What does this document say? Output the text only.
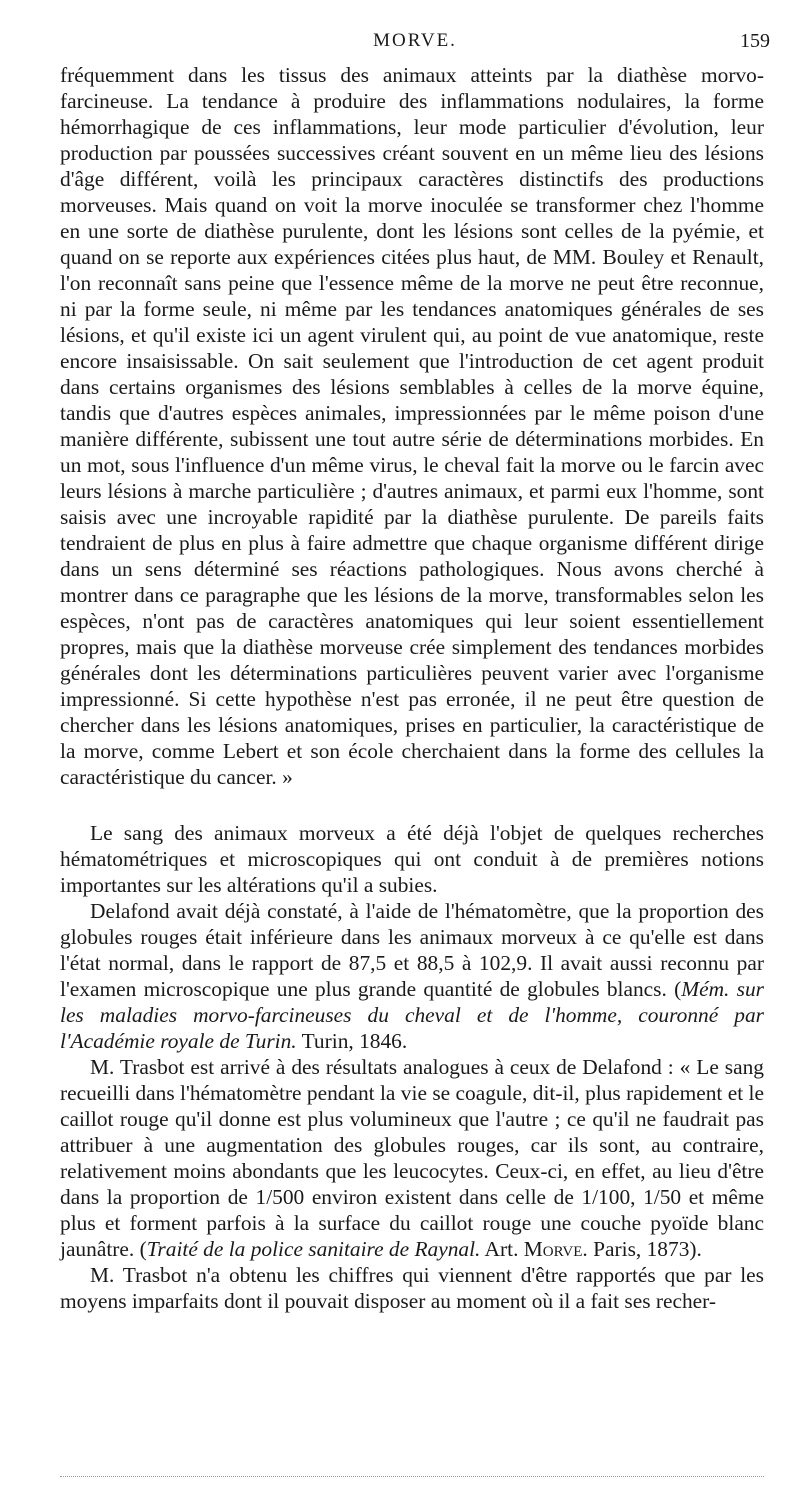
MORVE.	159

fréquemment dans les tissus des animaux atteints par la diathèse morvo-farcineuse. La tendance à produire des inflammations nodulaires, la forme hémorrhagique de ces inflammations, leur mode particulier d'évolution, leur production par poussées successives créant souvent en un même lieu des lésions d'âge différent, voilà les principaux caractères distinctifs des productions morveuses. Mais quand on voit la morve inoculée se transformer chez l'homme en une sorte de diathèse purulente, dont les lésions sont celles de la pyémie, et quand on se reporte aux expériences citées plus haut, de MM. Bouley et Renault, l'on reconnaît sans peine que l'essence même de la morve ne peut être reconnue, ni par la forme seule, ni même par les tendances anatomiques générales de ses lésions, et qu'il existe ici un agent virulent qui, au point de vue anatomique, reste encore insaisissable. On sait seulement que l'introduction de cet agent produit dans certains organismes des lésions semblables à celles de la morve équine, tandis que d'autres espèces animales, impressionnées par le même poison d'une manière différente, subissent une tout autre série de déterminations morbides. En un mot, sous l'influence d'un même virus, le cheval fait la morve ou le farcin avec leurs lésions à marche particulière ; d'autres animaux, et parmi eux l'homme, sont saisis avec une incroyable rapidité par la diathèse purulente. De pareils faits tendraient de plus en plus à faire admettre que chaque organisme différent dirige dans un sens déterminé ses réactions pathologiques. Nous avons cherché à montrer dans ce paragraphe que les lésions de la morve, transformables selon les espèces, n'ont pas de caractères anatomiques qui leur soient essentiellement propres, mais que la diathèse morveuse crée simplement des tendances morbides générales dont les déterminations particulières peuvent varier avec l'organisme impressionné. Si cette hypothèse n'est pas erronée, il ne peut être question de chercher dans les lésions anatomiques, prises en particulier, la caractéristique de la morve, comme Lebert et son école cherchaient dans la forme des cellules la caractéristique du cancer. »

Le sang des animaux morveux a été déjà l'objet de quelques recherches hématométriques et microscopiques qui ont conduit à de premières notions importantes sur les altérations qu'il a subies.

Delafond avait déjà constaté, à l'aide de l'hématomètre, que la proportion des globules rouges était inférieure dans les animaux morveux à ce qu'elle est dans l'état normal, dans le rapport de 87,5 et 88,5 à 102,9. Il avait aussi reconnu par l'examen microscopique une plus grande quantité de globules blancs. (Mém. sur les maladies morvo-farcineuses du cheval et de l'homme, couronné par l'Académie royale de Turin. Turin, 1846.

M. Trasbot est arrivé à des résultats analogues à ceux de Delafond : « Le sang recueilli dans l'hématomètre pendant la vie se coagule, dit-il, plus rapidement et le caillot rouge qu'il donne est plus volumineux que l'autre ; ce qu'il ne faudrait pas attribuer à une augmentation des globules rouges, car ils sont, au contraire, relativement moins abondants que les leucocytes. Ceux-ci, en effet, au lieu d'être dans la proportion de 1/500 environ existent dans celle de 1/100, 1/50 et même plus et forment parfois à la surface du caillot rouge une couche pyoïde blanc jaunâtre. (Traité de la police sanitaire de Raynal. Art. Morve. Paris, 1873).

M. Trasbot n'a obtenu les chiffres qui viennent d'être rapportés que par les moyens imparfaits dont il pouvait disposer au moment où il a fait ses recher-
